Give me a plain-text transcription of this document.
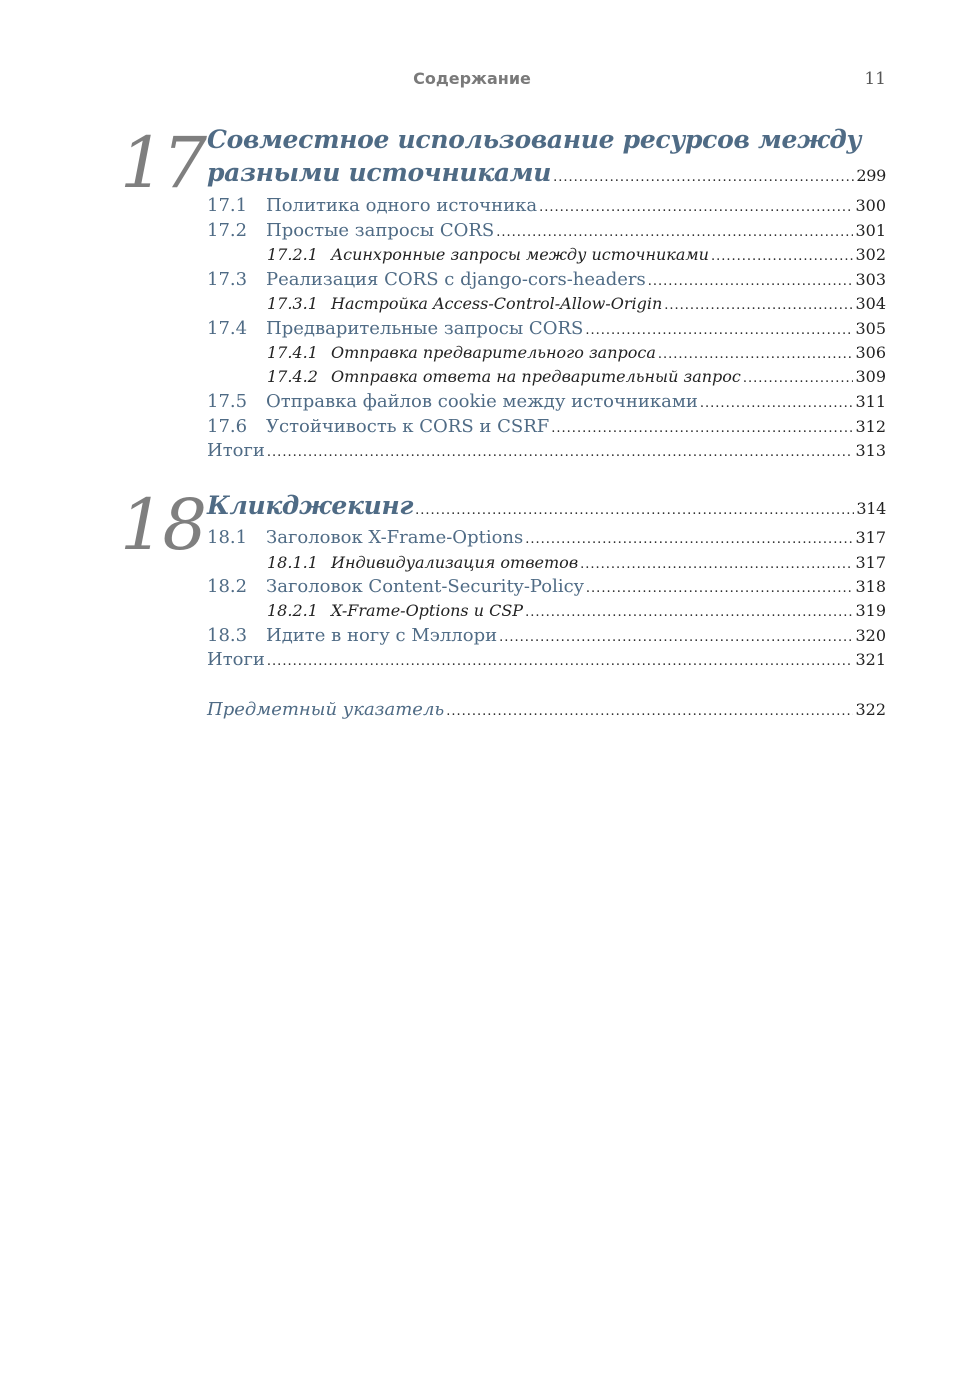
Содержание	11
17 Совместное использование ресурсов между
разными источниками .....	299
17.1	Политика одного источника .....	300
17.2	Простые запросы CORS .....	301
17.2.1 Асинхронные запросы между источниками .....	302
17.3	Реализация CORS с django-cors-headers .....	303
17.3.1 Настройка Access-Control-Allow-Origin .....	304
17.4	Предварительные запросы CORS .....	305
17.4.1 Отправка предварительного запроса .....	306
17.4.2 Отправка ответа на предварительный запрос .....	309
17.5	Отправка файлов cookie между источниками .....	311
17.6	Устойчивость к CORS и CSRF .....	312
Итоги .....	313
18 Кликджекинг .....	314
18.1	Заголовок X-Frame-Options .....	317
18.1.1 Индивидуализация ответов .....	317
18.2	Заголовок Content-Security-Policy .....	318
18.2.1 X-Frame-Options и CSP .....	319
18.3	Идите в ногу с Мэллори .....	320
Итоги .....	321
Предметный указатель .....	322
